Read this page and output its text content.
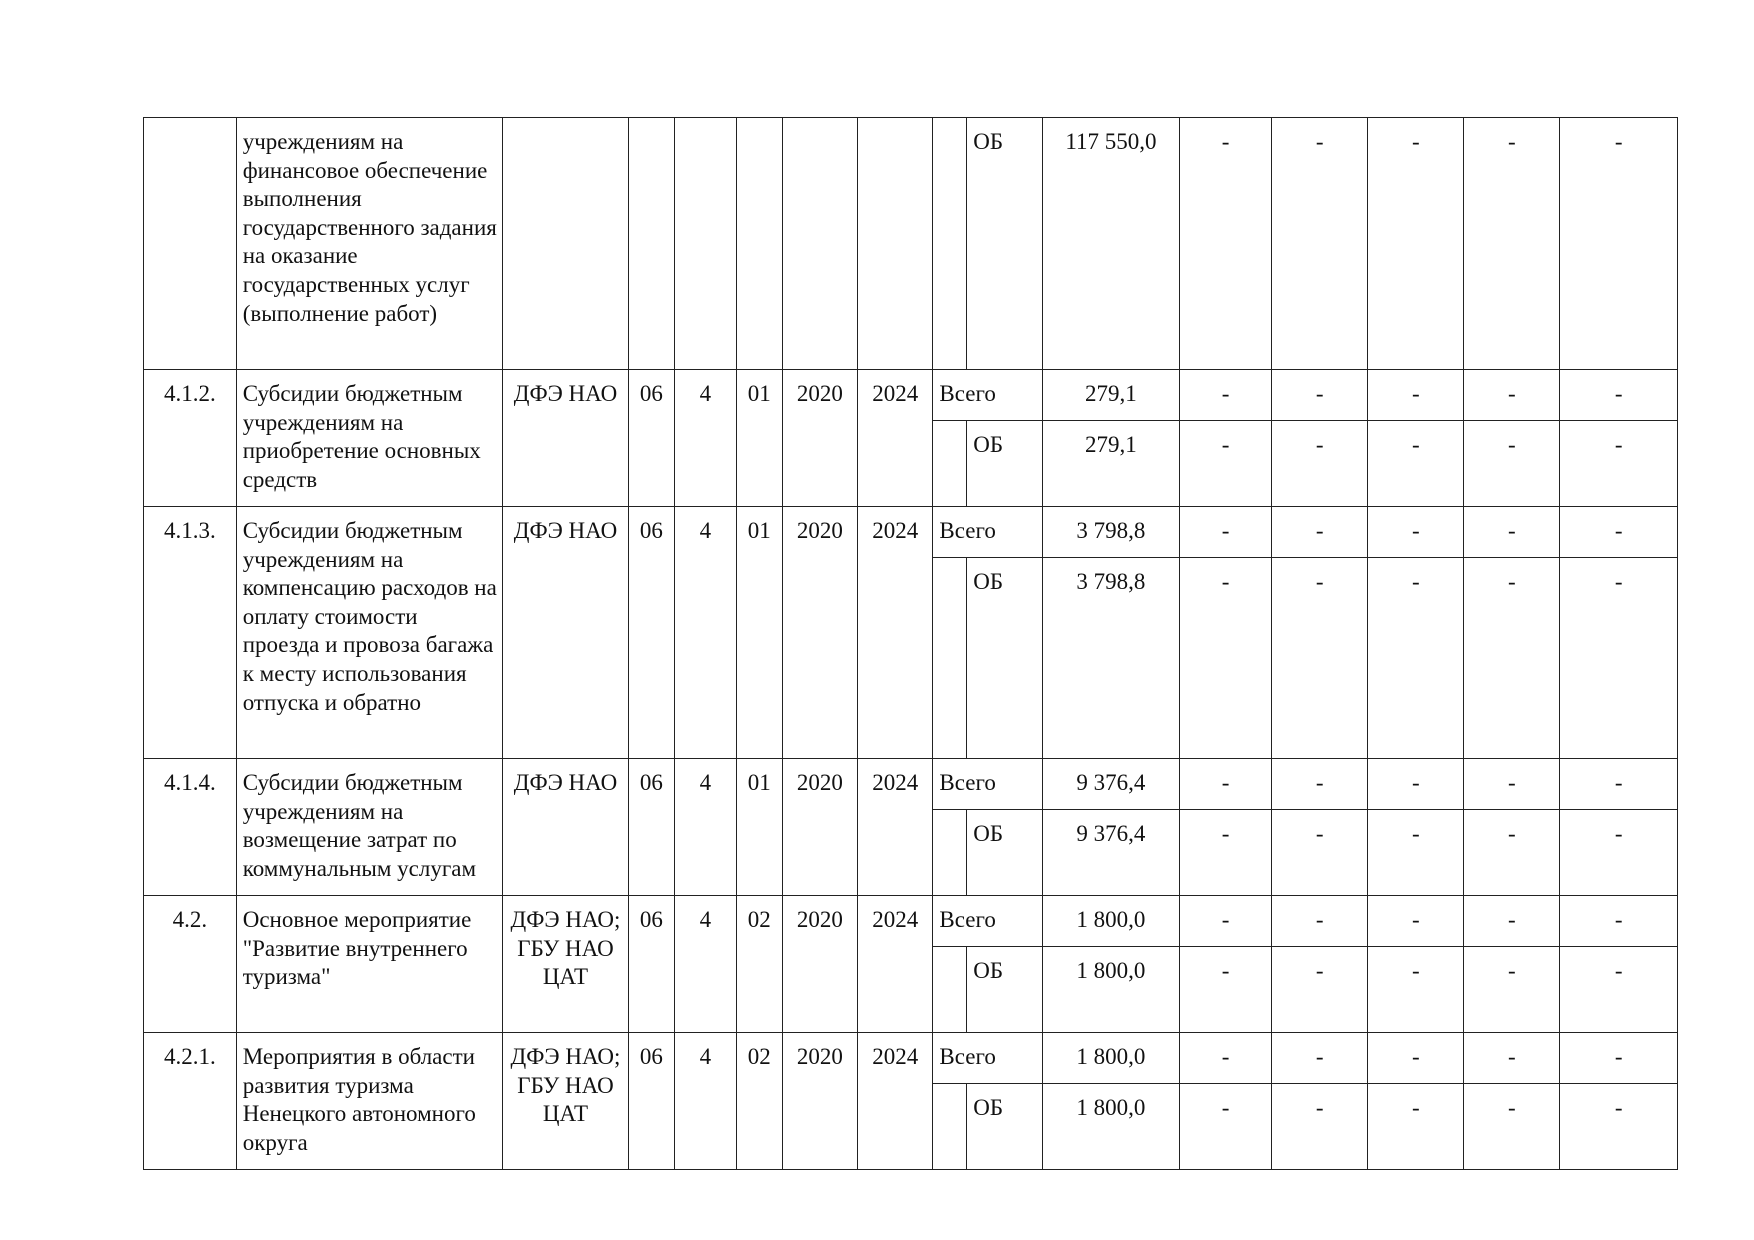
	учреждениям на финансовое обеспечение выполнения государственного задания на оказание государственных услуг (выполнение работ)								ОБ	117 550,0	-	-	-	-	-
4.1.2.	Субсидии бюджетным учреждениям на приобретение основных средств	ДФЭ НАО	06	4	01	2020	2024	Всего		279,1	-	-	-	-	-
									ОБ	279,1	-	-	-	-	-
4.1.3.	Субсидии бюджетным учреждениям на компенсацию расходов на оплату стоимости проезда и провоза багажа к месту использования отпуска и обратно	ДФЭ НАО	06	4	01	2020	2024	Всего		3 798,8	-	-	-	-	-
									ОБ	3 798,8	-	-	-	-	-
4.1.4.	Субсидии бюджетным учреждениям на возмещение затрат по коммунальным услугам	ДФЭ НАО	06	4	01	2020	2024	Всего		9 376,4	-	-	-	-	-
									ОБ	9 376,4	-	-	-	-	-
4.2.	Основное мероприятие "Развитие внутреннего туризма"	ДФЭ НАО; ГБУ НАО ЦАТ	06	4	02	2020	2024	Всего		1 800,0	-	-	-	-	-
									ОБ	1 800,0	-	-	-	-	-
4.2.1.	Мероприятия в области развития туризма Ненецкого автономного округа	ДФЭ НАО; ГБУ НАО ЦАТ	06	4	02	2020	2024	Всего		1 800,0	-	-	-	-	-
									ОБ	1 800,0	-	-	-	-	-
